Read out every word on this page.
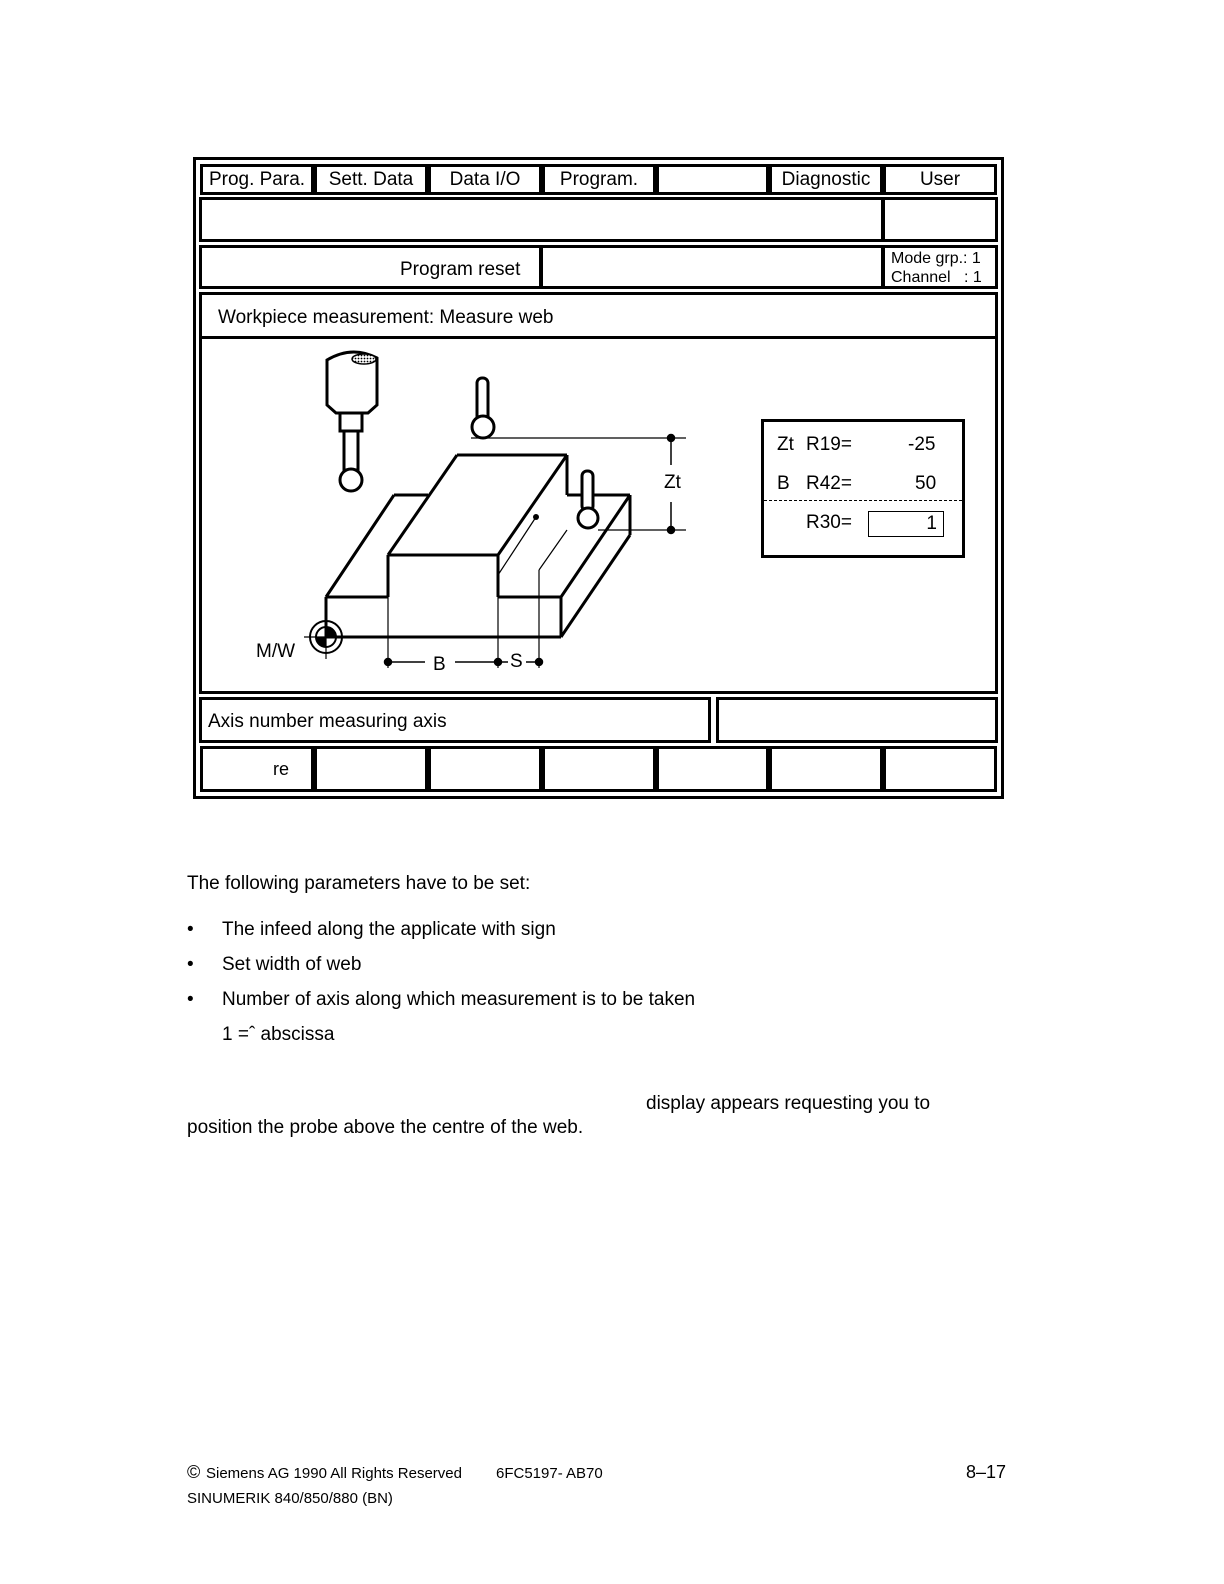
Prog. Para.	Sett. Data	Data I/O	Program.	Diagnostic	User
Program reset
Mode grp.: 1
Channel   : 1
Workpiece measurement: Measure web
M/W
B	S
Zt
Zt R19=	-25
B R42=	50
R30=	1
Axis number measuring axis
re
The following parameters have to be set:
• The infeed along the applicate with sign
• Set width of web
• Number of axis along which measurement is to be taken
1 =ˆ abscissa
display appears requesting you to
position the probe above the centre of the web.
© Siemens AG 1990 All Rights Reserved 6FC5197- AB70	8–17
SINUMERIK 840/850/880 (BN)
